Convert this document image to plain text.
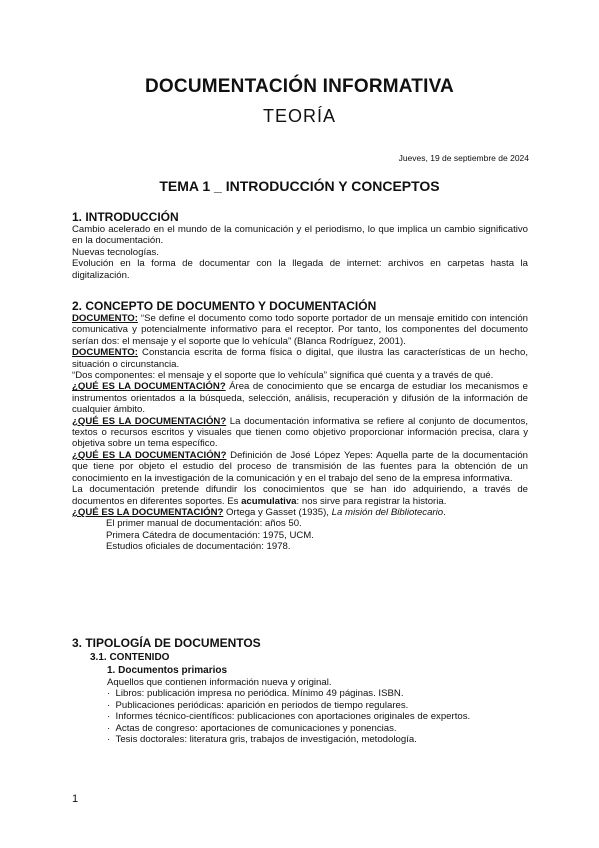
DOCUMENTACIÓN INFORMATIVA
TEORÍA
Jueves, 19 de septiembre de 2024
TEMA 1 _ INTRODUCCIÓN Y CONCEPTOS
1. INTRODUCCIÓN

Cambio acelerado en el mundo de la comunicación y el periodismo, lo que implica un cambio significativo en la documentación.

Nuevas tecnologías.

Evolución en la forma de documentar con la llegada de internet: archivos en carpetas hasta la digitalización.

2. CONCEPTO DE DOCUMENTO Y DOCUMENTACIÓN

DOCUMENTO: “Se define el documento como todo soporte portador de un mensaje emitido con intención comunicativa y potencialmente informativo para el receptor. Por tanto, los componentes del documento serían dos: el mensaje y el soporte que lo vehícula” (Blanca Rodríguez, 2001).

DOCUMENTO: Constancia escrita de forma física o digital, que ilustra las características de un hecho, situación o circunstancia.

“Dos componentes: el mensaje y el soporte que lo vehícula” significa qué cuenta y a través de qué.

¿QUÉ ES LA DOCUMENTACIÓN? Área de conocimiento que se encarga de estudiar los mecanismos e instrumentos orientados a la búsqueda, selección, análisis, recuperación y difusión de la información de cualquier ámbito.

¿QUÉ ES LA DOCUMENTACIÓN? La documentación informativa se refiere al conjunto de documentos, textos o recursos escritos y visuales que tienen como objetivo proporcionar información precisa, clara y objetiva sobre un tema específico.

¿QUÉ ES LA DOCUMENTACIÓN? Definición de José López Yepes: Aquella parte de la documentación que tiene por objeto el estudio del proceso de transmisión de las fuentes para la obtención de un conocimiento en la investigación de la comunicación y en el trabajo del seno de la empresa informativa.

La documentación pretende difundir los conocimientos que se han ido adquiriendo, a través de documentos en diferentes soportes. Es acumulativa: nos sirve para registrar la historia.

¿QUÉ ES LA DOCUMENTACIÓN? Ortega y Gasset (1935), La misión del Bibliotecario.

El primer manual de documentación: años 50.

Primera Cátedra de documentación: 1975, UCM.

Estudios oficiales de documentación: 1978.

3. TIPOLOGÍA DE DOCUMENTOS
3.1. CONTENIDO
1. Documentos primarios

Aquellos que contienen información nueva y original.

·  Libros: publicación impresa no periódica. Mínimo 49 páginas. ISBN.

·  Publicaciones periódicas: aparición en periodos de tiempo regulares.

·  Informes técnico-científicos: publicaciones con aportaciones originales de expertos.

·  Actas de congreso: aportaciones de comunicaciones y ponencias.

·  Tesis doctorales: literatura gris, trabajos de investigación, metodología.

1
